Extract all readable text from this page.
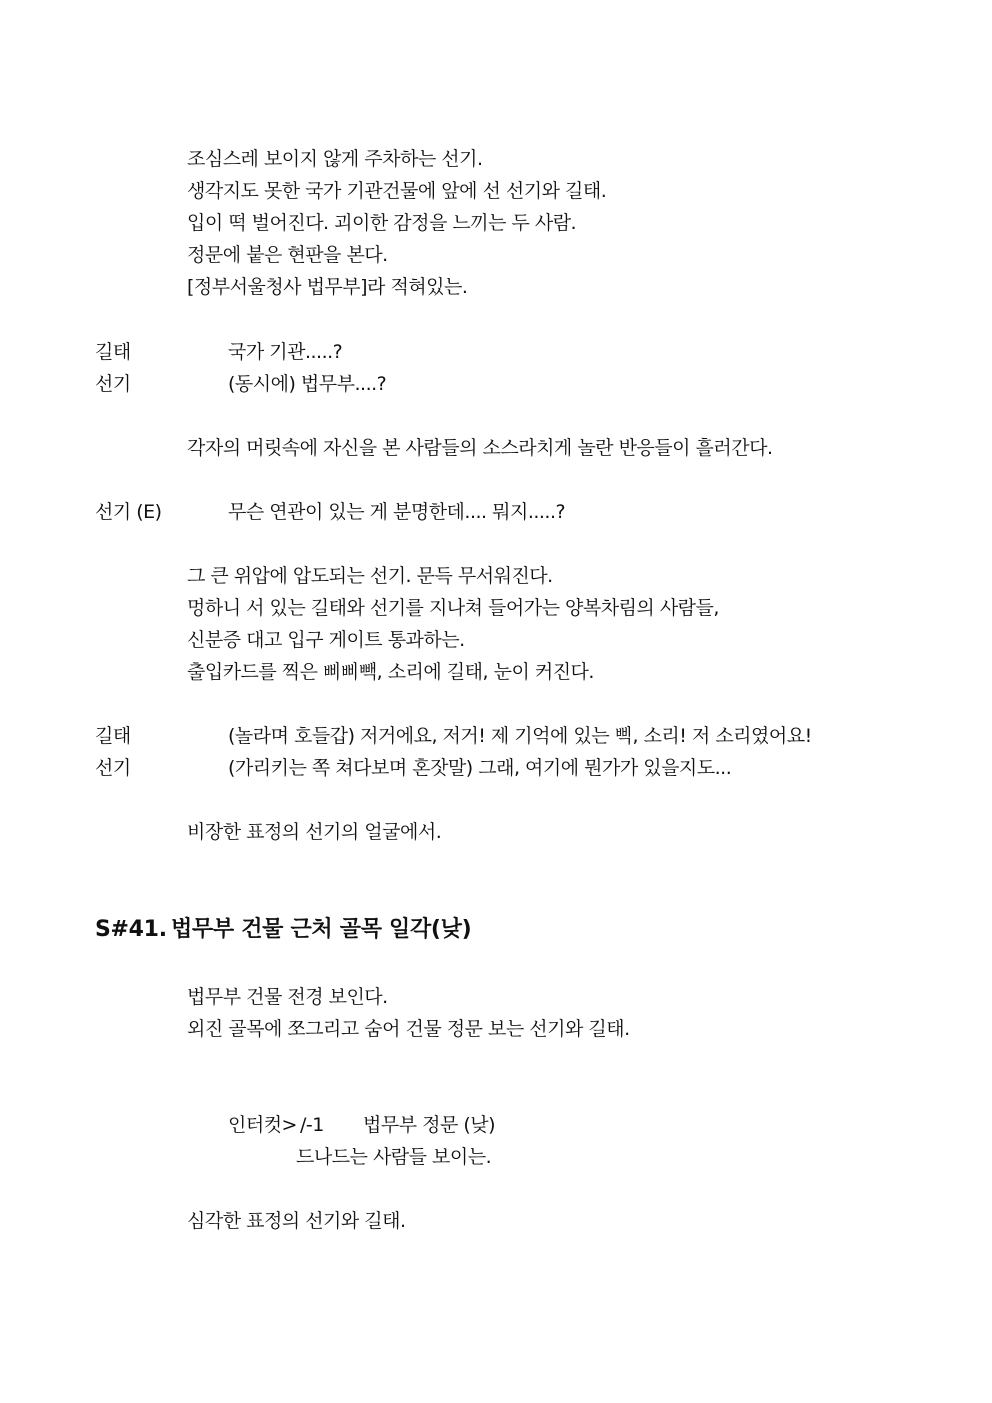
조심스레 보이지 않게 주차하는 선기.
생각지도 못한 국가 기관건물에 앞에 선 선기와 길태.
입이 떡 벌어진다. 괴이한 감정을 느끼는 두 사람.
정문에 붙은 현판을 본다.
[정부서울청사 법무부]라 적혀있는.
길태	국가 기관.....?
선기	(동시에) 법무부....?
각자의 머릿속에 자신을 본 사람들의 소스라치게 놀란 반응들이 흘러간다.
선기 (E)	무슨 연관이 있는 게 분명한데.... 뭐지.....?
그 큰 위압에 압도되는 선기. 문득 무서워진다.
멍하니 서 있는 길태와 선기를 지나쳐 들어가는 양복차림의 사람들,
신분증 대고 입구 게이트 통과하는.
출입카드를 찍은 삐삐빽, 소리에 길태, 눈이 커진다.
길태	(놀라며 호들갑) 저거에요, 저거! 제 기억에 있는 삑, 소리! 저 소리였어요!
선기	(가리키는 쪽 쳐다보며 혼잣말) 그래, 여기에 뭔가가 있을지도...
비장한 표정의 선기의 얼굴에서.
S#41. 법무부 건물 근처 골목 일각(낮)
법무부 건물 전경 보인다.
외진 골목에 쪼그리고 숨어 건물 정문 보는 선기와 길태.
인터컷> /-1 법무부 정문 (낮)
드나드는 사람들 보이는.
심각한 표정의 선기와 길태.
